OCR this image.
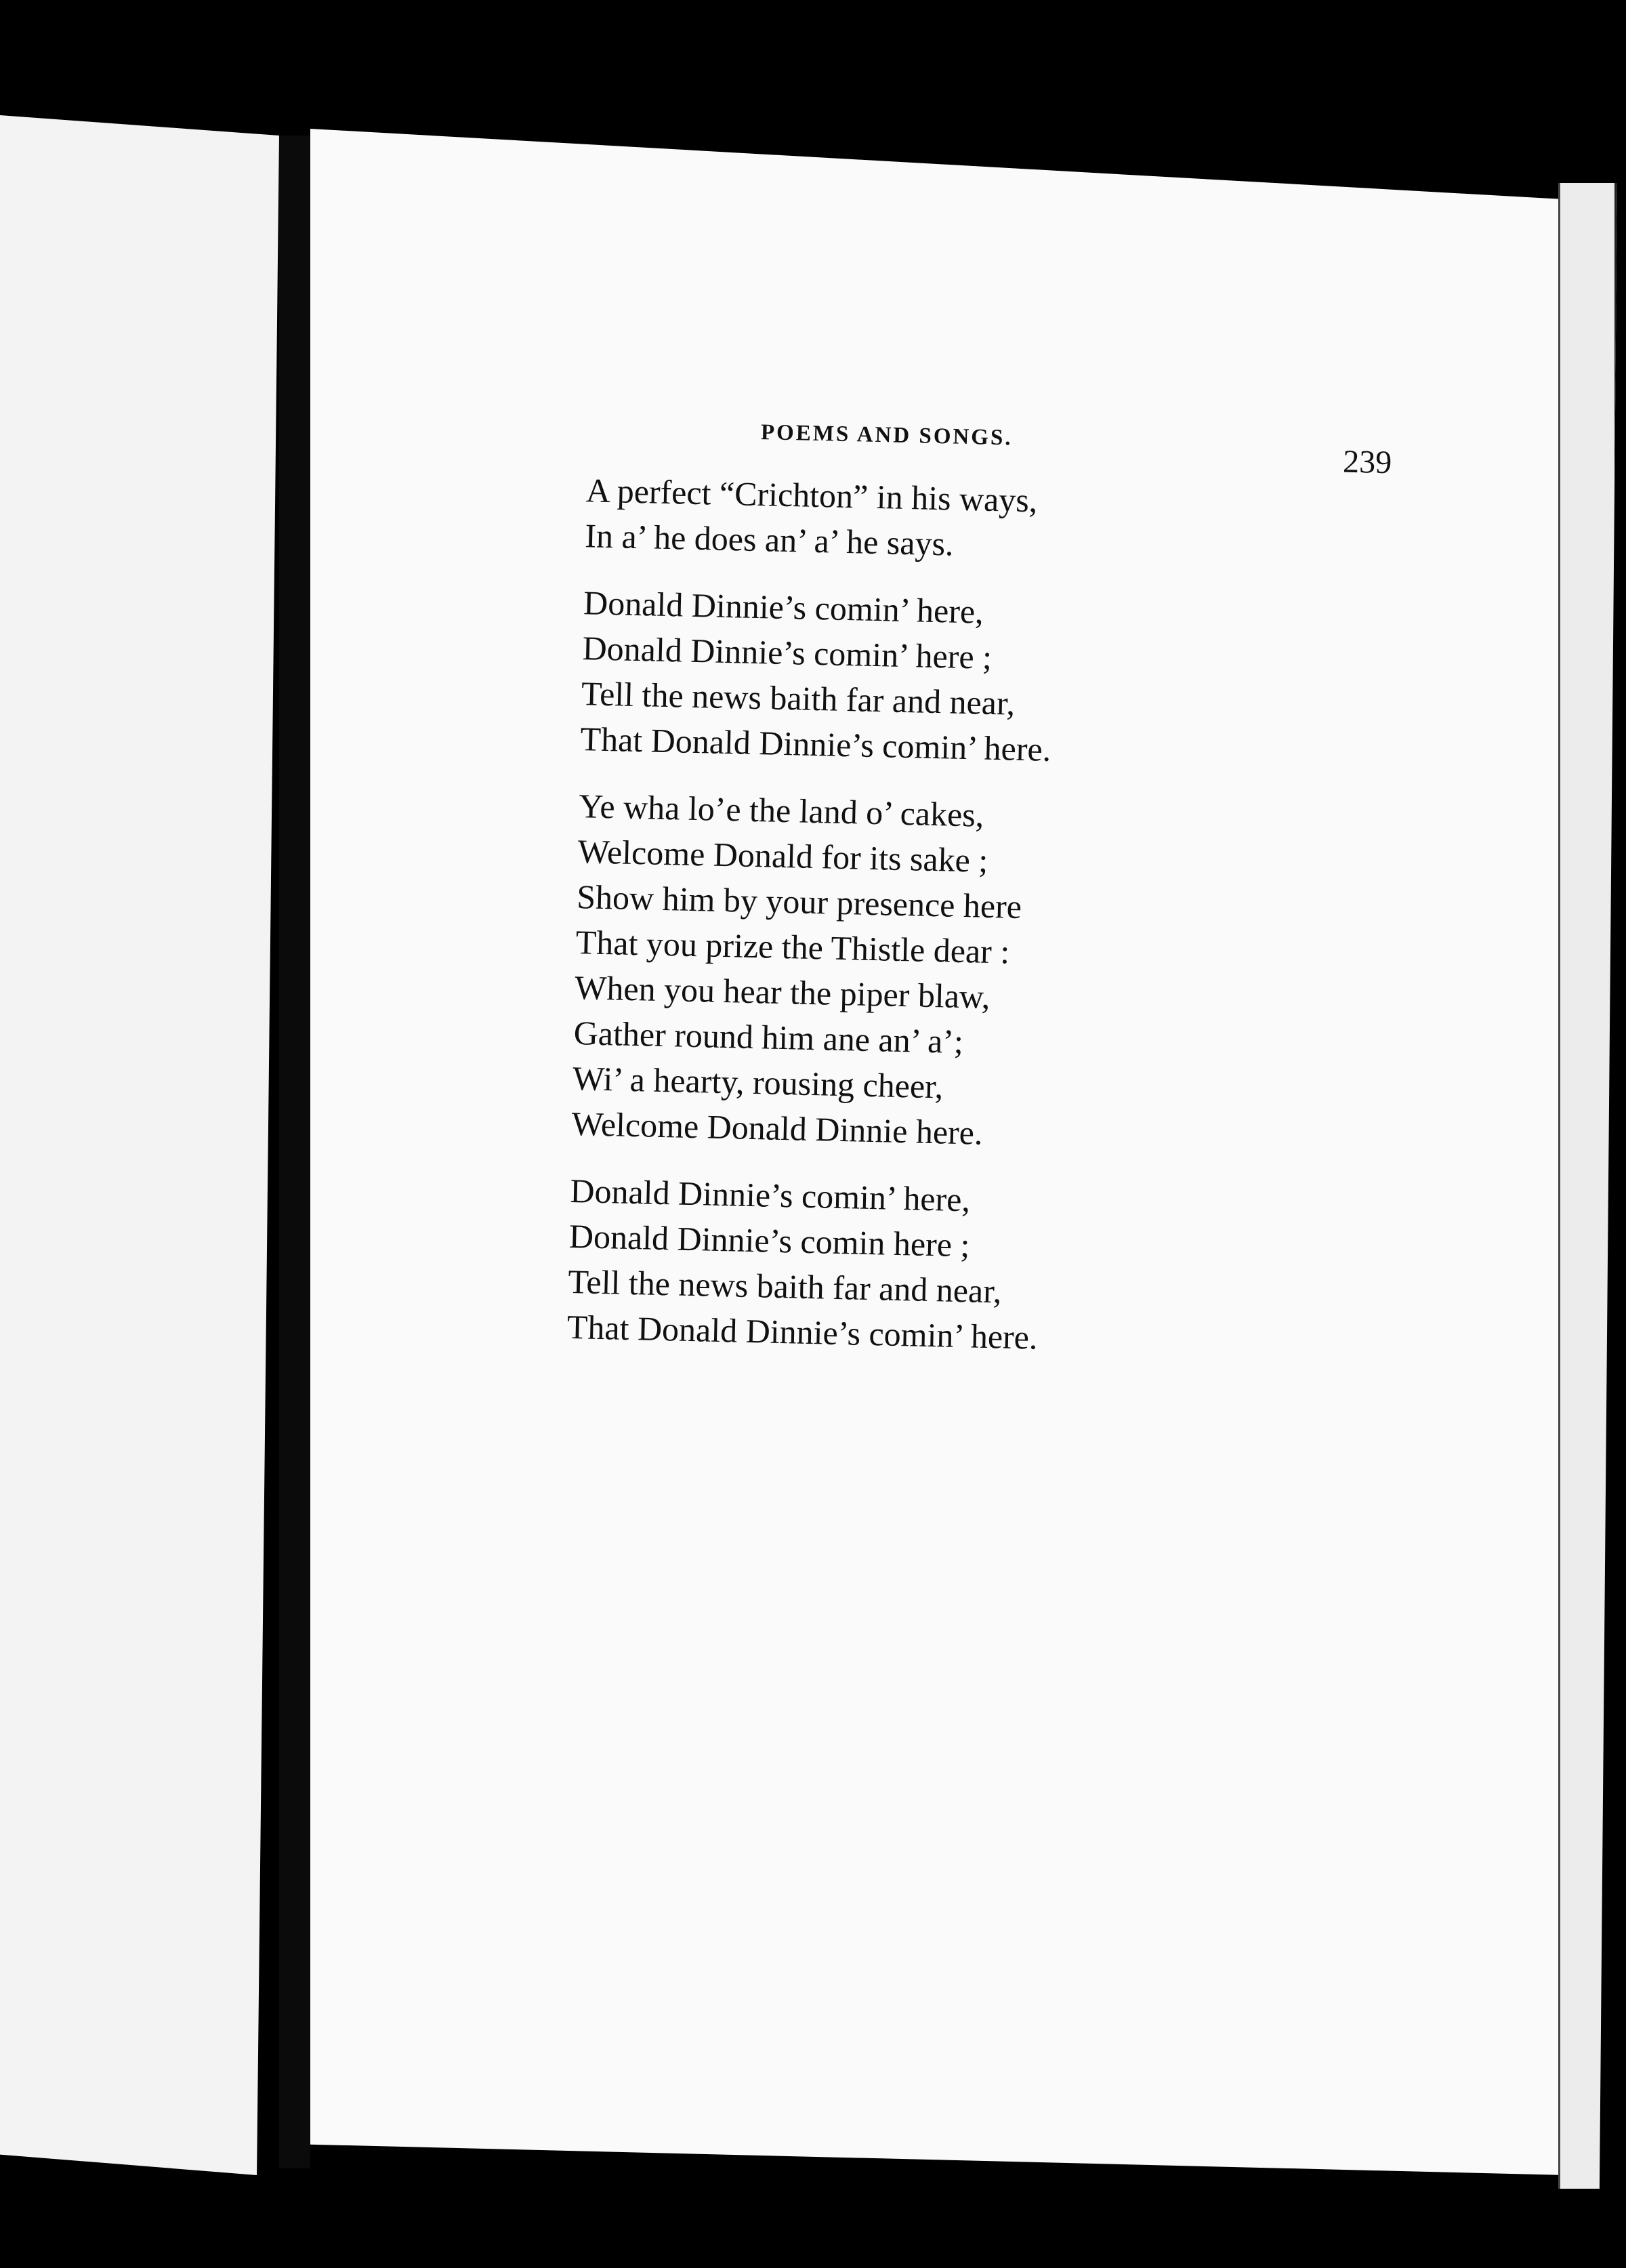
POEMS AND SONGS.
239
A perfect “Crichton” in his ways,
In a’ he does an’ a’ he says.
Donald Dinnie’s comin’ here,
Donald Dinnie’s comin’ here ;
Tell the news baith far and near,
That Donald Dinnie’s comin’ here.
Ye wha lo’e the land o’ cakes,
Welcome Donald for its sake ;
Show him by your presence here
That you prize the Thistle dear :
When you hear the piper blaw,
Gather round him ane an’ a’;
Wi’ a hearty, rousing cheer,
Welcome Donald Dinnie here.
Donald Dinnie’s comin’ here,
Donald Dinnie’s comin here ;
Tell the news baith far and near,
That Donald Dinnie’s comin’ here.
